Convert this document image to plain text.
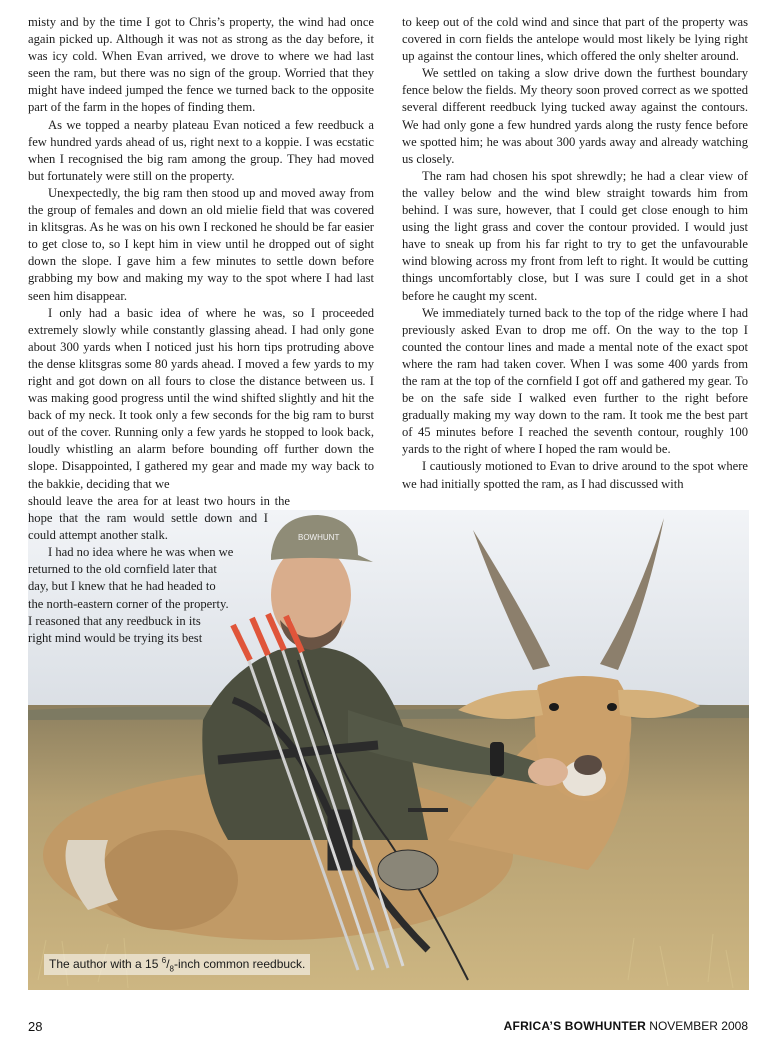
misty and by the time I got to Chris’s property, the wind had once again picked up. Although it was not as strong as the day before, it was icy cold. When Evan arrived, we drove to where we had last seen the ram, but there was no sign of the group. Worried that they might have indeed jumped the fence we turned back to the opposite part of the farm in the hopes of finding them.

As we topped a nearby plateau Evan noticed a few reedbuck a few hundred yards ahead of us, right next to a koppie. I was ecstatic when I recognised the big ram among the group. They had moved but fortunately were still on the property.

Unexpectedly, the big ram then stood up and moved away from the group of females and down an old mielie field that was covered in klitsgras. As he was on his own I reckoned he should be far easier to get close to, so I kept him in view until he dropped out of sight down the slope. I gave him a few minutes to settle down before grabbing my bow and making my way to the spot where I had last seen him disappear.

I only had a basic idea of where he was, so I proceeded extremely slowly while constantly glassing ahead. I had only gone about 300 yards when I noticed just his horn tips protruding above the dense klitsgras some 80 yards ahead. I moved a few yards to my right and got down on all fours to close the distance between us. I was making good progress until the wind shifted slightly and hit the back of my neck. It took only a few seconds for the big ram to burst out of the cover. Running only a few yards he stopped to look back, loudly whistling an alarm before bounding off further down the slope. Disappointed, I gathered my gear and made my way back to the bakkie, deciding that we

to keep out of the cold wind and since that part of the property was covered in corn fields the antelope would most likely be lying right up against the contour lines, which offered the only shelter around.

We settled on taking a slow drive down the furthest boundary fence below the fields. My theory soon proved correct as we spotted several different reedbuck lying tucked away against the contours. We had only gone a few hundred yards along the rusty fence before we spotted him; he was about 300 yards away and already watching us closely.

The ram had chosen his spot shrewdly; he had a clear view of the valley below and the wind blew straight towards him from behind. I was sure, however, that I could get close enough to him using the light grass and cover the contour provided. I would just have to sneak up from his far right to try to get the unfavourable wind blowing across my front from left to right. It would be cutting things uncomfortably close, but I was sure I could get in a shot before he caught my scent.

We immediately turned back to the top of the ridge where I had previously asked Evan to drop me off. On the way to the top I counted the contour lines and made a mental note of the exact spot where the ram had taken cover. When I was some 400 yards from the ram at the top of the cornfield I got off and gathered my gear. To be on the safe side I walked even further to the right before gradually making my way down to the ram. It took me the best part of 45 minutes before I reached the seventh contour, roughly 100 yards to the right of where I hoped the ram would be.

I cautiously motioned to Evan to drive around to the spot where we had initially spotted the ram, as I had discussed with

BOWHUNT
should leave the area for at least two hours in the
hope that the ram would settle down and I
could attempt another stalk.
I had no idea where he was when we
returned to the old cornfield later that
day, but I knew that he had headed to
the north-eastern corner of the property.
I reasoned that any reedbuck in its
right mind would be trying its best
The author with a 15 $^6/_8$-inch common reedbuck.
28	AFRICA’S BOWHUNTER NOVEMBER 2008
